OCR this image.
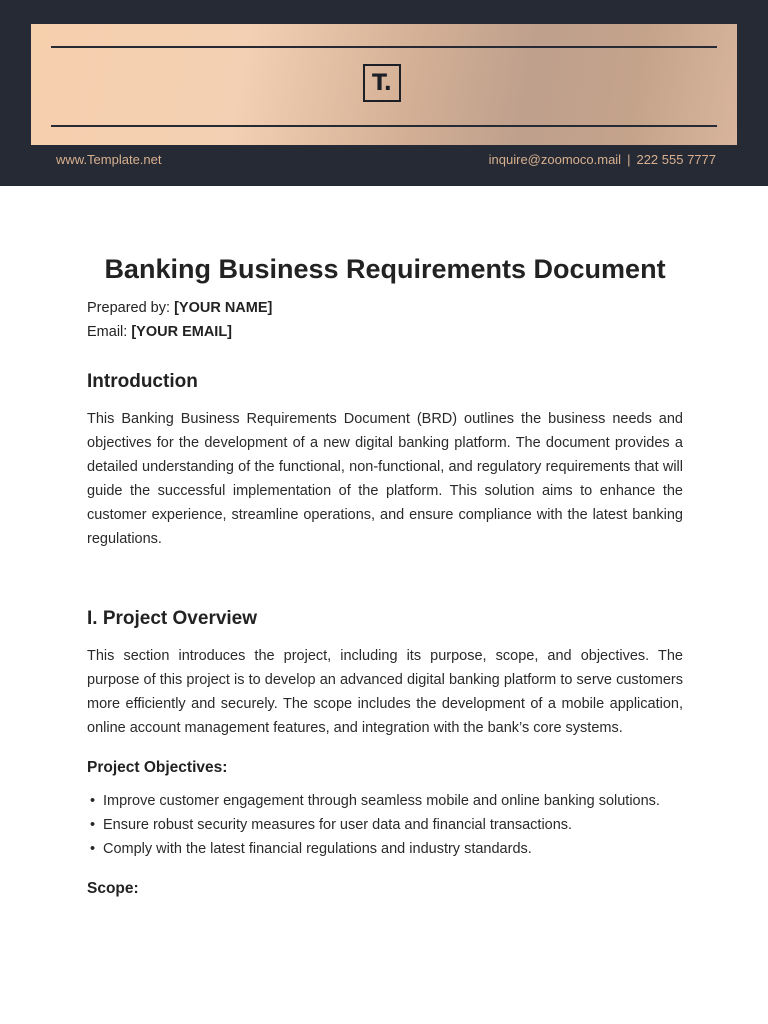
T.
www.Template.net	inquire@zoomoco.mail | 222 555 7777
Banking Business Requirements Document
Prepared by: [YOUR NAME]
Email: [YOUR EMAIL]
Introduction

This Banking Business Requirements Document (BRD) outlines the business needs and objectives for the development of a new digital banking platform. The document provides a detailed understanding of the functional, non-functional, and regulatory requirements that will guide the successful implementation of the platform. This solution aims to enhance the customer experience, streamline operations, and ensure compliance with the latest banking regulations.

I. Project Overview

This section introduces the project, including its purpose, scope, and objectives. The purpose of this project is to develop an advanced digital banking platform to serve customers more efficiently and securely. The scope includes the development of a mobile application, online account management features, and integration with the bank’s core systems.

Project Objectives:
• Improve customer engagement through seamless mobile and online banking solutions.
• Ensure robust security measures for user data and financial transactions.
• Comply with the latest financial regulations and industry standards.
Scope:
